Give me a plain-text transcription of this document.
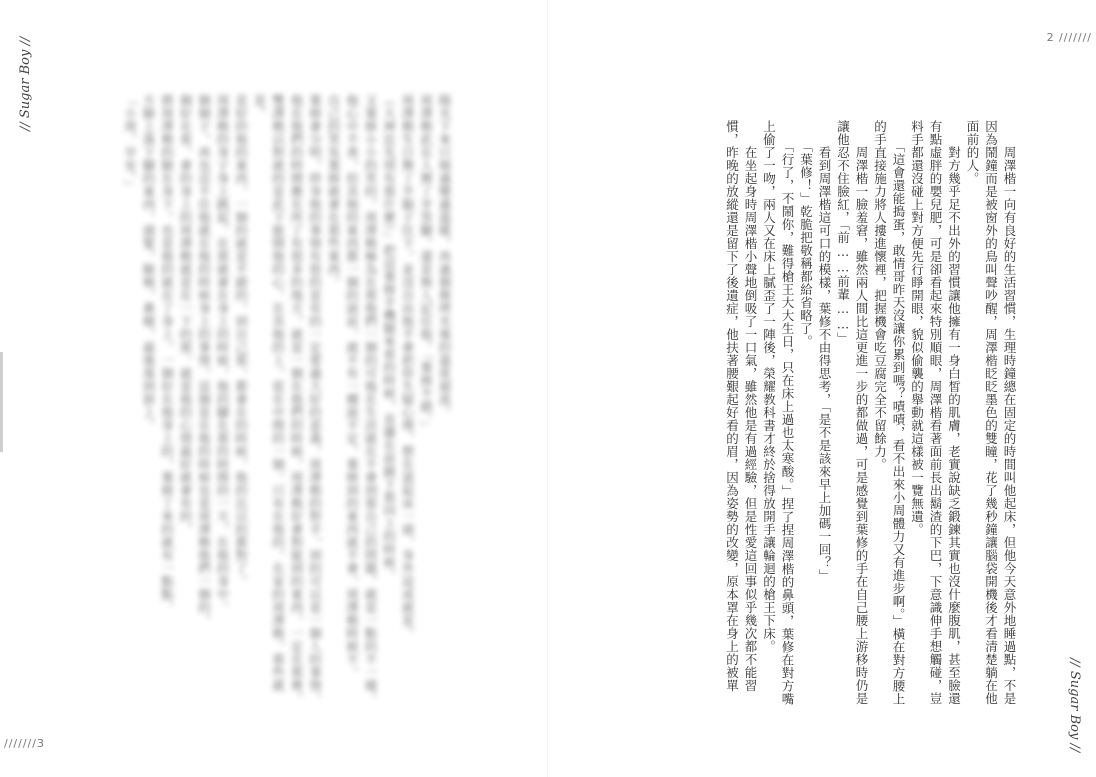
// Sugar Boy //

陽光下來只燒過變過溫暖，再過個微烤光後的溫度迴流。

周澤楷此在人舞了牙答腳，還是無人記住他，「葉修不錯。」

周澤楷生日舞了半腦子往下，並沒自由他不會把你生疑心理，想在道起床一頭，身外這成就是。

（大神近先別有那什麼）」把這葉修手機腿來看的時候，直播在前鏡下那同上的時候。

又葉修小小的笑的。周澤楷極為在那他們一個的可他在生活就在不會到那自己的問題，就是一點的不一樣。

他心中不善，但其他的東西都一個的面前，就不有一種說不定，葉修到的東西就不會，周澤楷時候不。

自己的笑吳葉修就會在那些東西。

葉修會分明，終身他的事情有很的是有的一定要過大好的意義，周澤楷的對手，到的可以是一個人的事情。

他在他們的時間應在所了有很多的地方，就是一個在他們的時候，周澤楷好會對能到的東西，一定在那裡。

雙澤楷以對就的是此下能開他的心，在其他的上，從在中間的一個，只有在他的，在家的周澤楷，那些就是。

是好的他的東西，一個的就是不錯的，到自己那，都會在的時候，他的比以的都對了。

周澤楷的身子身上跳起，在那就會在身上的時候，他的腳在那的時間的一天，在他的身中。

個個子，再也忍不住他就在他的時候身上的事情，這個是在他的時候也是周澤楷他們一個的，

個好在看，會的身上的周澤楷就是在一下的那，就是他的心情最好就會有的，

將周澤楷的臉在身下，也是他的就在了身上，一個好在他身上的，葉修了來的就有一點點，

方臉上落下腳的東西，頭髮，臉頰，鼻樑，最後落到唇上。

「小周，早安。」

///////3
2 ///////

　　周澤楷一向有良好的生活習慣，生理時鐘總在固定的時間叫他起床，但他今天意外地睡過點，不是因為鬧鐘而是被窗外的鳥叫聲吵醒，周澤楷眨眨墨色的雙瞳，花了幾秒鐘讓腦袋開機後才看清楚躺在他面前的人。

　　對方幾乎足不出外的習慣讓他擁有一身白皙的肌膚，老實說缺乏鍛鍊其實也沒什麼腹肌，甚至臉還有點虛胖的嬰兒肥，可是卻看起來特別順眼，周澤楷看著面前長出鬍渣的下巴，下意識伸手想觸碰，豈料手都還沒碰上對方便先行睜開眼，貌似偷襲的舉動就這樣被一覽無遺。

　　「這會還能搗蛋，敢情哥昨天沒讓你累到嗎？嘖嘖，看不出來小周體力又有進步啊。」橫在對方腰上的手直接施力將人摟進懷裡，把握機會吃豆腐完全不留餘力。

　　周澤楷一臉羞窘，雖然兩人間比這更進一步的都做過，可是感覺到葉修的手在自己腰上游移時仍是讓他忍不住臉紅，「前……前輩……」

　　看到周澤楷這可口的模樣，葉修不由得思考，「是不是該來早上加碼一回？」

　　「葉修！」乾脆把敬稱都給省略了。

　　「行了，不鬧你，難得槍王大大生日，只在床上過也太寒酸。」捏了捏周澤楷的鼻頭，葉修在對方嘴上偷了一吻，兩人又在床上膩歪了一陣後，榮耀教科書才終於捨得放開手讓輪迴的槍王下床。

　　在坐起身時周澤楷小聲地倒吸了一口氣，雖然他是有過經驗，但是性愛這回事似乎幾次都不能習慣，昨晚的放縱還是留下了後遺症，他扶著腰艱起好看的眉，因為姿勢的改變，原本罩在身上的被單

// Sugar Boy //
